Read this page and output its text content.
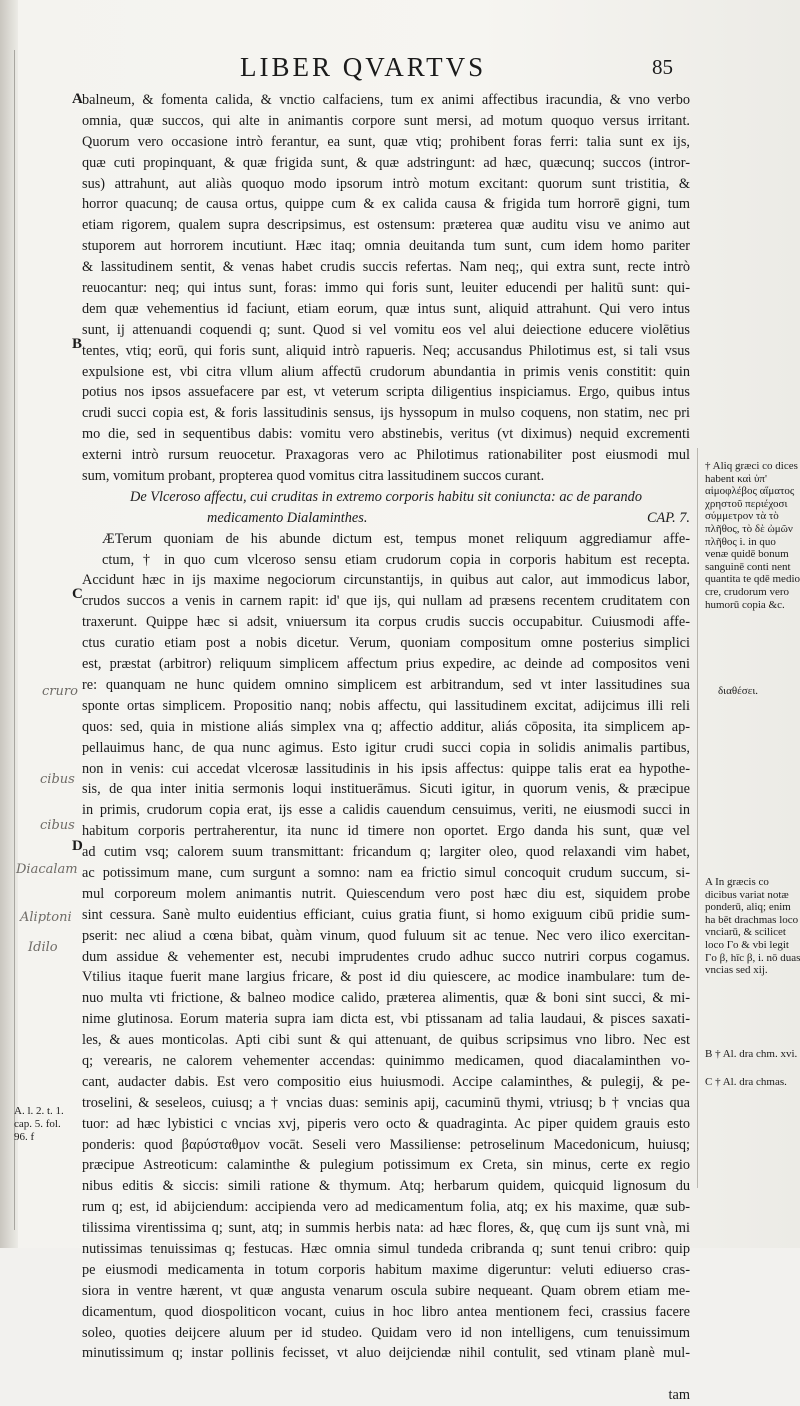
LIBER QVARTVS	85
A
B
C
D
balneum, & fomenta calida, & vnctio calfaciens, tum ex animi affectibus iracundia, & vno verbo
omnia, quæ succos, qui alte in animantis corpore sunt mersi, ad motum quoquo versus irritant.
Quorum vero occasione intrò ferantur, ea sunt, quæ vtiq; prohibent foras ferri: talia sunt ex ijs,
quæ cuti propinquant, & quæ frigida sunt, & quæ adstringunt: ad hæc, quæcunq; succos (intror-
sus) attrahunt, aut aliàs quoquo modo ipsorum intrò motum excitant: quorum sunt tristitia, &
horror quacunq; de causa ortus, quippe cum & ex calida causa & frigida tum horrorē gigni, tum
etiam rigorem, qualem supra descripsimus, est ostensum: præterea quæ auditu visu ve animo aut
stuporem aut horrorem incutiunt. Hæc itaq; omnia deuitanda tum sunt, cum idem homo pariter
& lassitudinem sentit, & venas habet crudis succis refertas. Nam neq;, qui extra sunt, recte intrò
reuocantur: neq; qui intus sunt, foras: immo qui foris sunt, leuiter educendi per halitū sunt: qui-
dem quæ vehementius id faciunt, etiam eorum, quæ intus sunt, aliquid attrahunt. Qui vero intus
sunt, ij attenuandi coquendi q; sunt. Quod si vel vomitu eos vel alui deiectione educere violētius
tentes, vtiq; eorū, qui foris sunt, aliquid intrò rapueris. Neq; accusandus Philotimus est, si tali vsus
expulsione est, vbi citra vllum alium affectū crudorum abundantia in primis venis constitit: quin
potius nos ipsos assuefacere par est, vt veterum scripta diligentius inspiciamus. Ergo, quibus intus
crudi succi copia est, & foris lassitudinis sensus, ijs hyssopum in mulso coquens, non statim, nec pri
mo die, sed in sequentibus dabis: vomitu vero abstinebis, veritus (vt diximus) nequid excrementi
externi intrò rursum reuocetur. Praxagoras vero ac Philotimus rationabiliter post eiusmodi mul
sum, vomitum probant, propterea quod vomitus citra lassitudinem succos curant.
De Vlceroso affectu, cui cruditas in extremo corporis habitu sit coniuncta: ac de parando
medicamento Dialaminthes.	CAP. 7.
ÆTerum quoniam de his abunde dictum est, tempus monet reliquum aggrediamur affe-
ctum, † in quo cum vlceroso sensu etiam crudorum copia in corporis habitum est recepta.
Accidunt hæc in ijs maxime negociorum circunstantijs, in quibus aut calor, aut immodicus labor,
crudos succos a venis in carnem rapit: id' que ijs, qui nullam ad præsens recentem cruditatem con
traxerunt. Quippe hæc si adsit, vniuersum ita corpus crudis succis occupabitur. Cuiusmodi affe-
ctus curatio etiam post a nobis dicetur. Verum, quoniam compositum omne posterius simplici
est, præstat (arbitror) reliquum simplicem affectum prius expedire, ac deinde ad compositos veni
re: quanquam ne hunc quidem omnino simplicem est arbitrandum, sed vt inter lassitudines sua
sponte ortas simplicem. Propositio nanq; nobis affectu, qui lassitudinem excitat, adijcimus illi reli
quos: sed, quia in mistione aliás simplex vna q; affectio additur, aliás cōposita, ita simplicem ap-
pellauimus hanc, de qua nunc agimus. Esto igitur crudi succi copia in solidis animalis partibus,
non in venis: cui accedat vlcerosæ lassitudinis in his ipsis affectus: quippe talis erat ea hypothe-
sis, de qua inter initia sermonis loqui instituerāmus. Sicuti igitur, in quorum venis, & præcipue
in primis, crudorum copia erat, ijs esse a calidis cauendum censuimus, veriti, ne eiusmodi succi in
habitum corporis pertraherentur, ita nunc id timere non oportet. Ergo danda his sunt, quæ vel
ad cutim vsq; calorem suum transmittant: fricandum q; largiter oleo, quod relaxandi vim habet,
ac potissimum mane, cum surgunt a somno: nam ea frictio simul concoquit crudum succum, si-
mul corporeum molem animantis nutrit. Quiescendum vero post hæc diu est, siquidem probe
sint cessura. Sanè multo euidentius efficiant, cuius gratia fiunt, si homo exiguum cibū pridie sum-
pserit: nec aliud a cœna bibat, quàm vinum, quod fuluum sit ac tenue. Nec vero ilico exercitan-
dum assidue & vehementer est, necubi imprudentes crudo adhuc succo nutriri corpus cogamus.
Vtilius itaque fuerit mane largius fricare, & post id diu quiescere, ac modice inambulare: tum de-
nuo multa vti frictione, & balneo modice calido, præterea alimentis, quæ & boni sint succi, & mi-
nime glutinosa. Eorum materia supra iam dicta est, vbi ptissanam ad talia laudaui, & pisces saxati-
les, & aues monticolas. Apti cibi sunt & qui attenuant, de quibus scripsimus vno libro. Nec est
q; verearis, ne calorem vehementer accendas: quinimmo medicamen, quod diacalaminthen vo-
cant, audacter dabis. Est vero compositio eius huiusmodi. Accipe calaminthes, & pulegij, & pe-
troselini, & seseleos, cuiusq; a † vncias duas: seminis apij, cacuminū thymi, vtriusq; b † vncias qua
tuor: ad hæc lybistici c vncias xvj, piperis vero octo & quadraginta. Ac piper quidem grauis esto
ponderis: quod βαρύσταθμον vocāt. Seseli vero Massiliense: petroselinum Macedonicum, huiusq;
præcipue Astreoticum: calaminthe & pulegium potissimum ex Creta, sin minus, certe ex regio
nibus editis & siccis: simili ratione & thymum. Atq; herbarum quidem, quicquid lignosum du
rum q; est, id abijciendum: accipienda vero ad medicamentum folia, atq; ex his maxime, quæ sub-
tilissima virentissima q; sunt, atq; in summis herbis nata: ad hæc flores, &, quę cum ijs sunt vnà, mi
nutissimas tenuissimas q; festucas. Hæc omnia simul tundeda cribranda q; sunt tenui cribro: quip
pe eiusmodi medicamenta in totum corporis habitum maxime digeruntur: veluti ediuerso cras-
siora in ventre hærent, vt quæ angusta venarum oscula subire nequeant. Quam obrem etiam me-
dicamentum, quod diospoliticon vocant, cuius in hoc libro antea mentionem feci, crassius facere
soleo, quoties deijcere aluum per id studeo. Quidam vero id non intelligens, cum tenuissimum
minutissimum q; instar pollinis fecisset, vt aluo deijciendæ nihil contulit, sed vtinam planè mul-
tam
† Aliq græci co dices habent καὶ ὑπ' αἱμοφλέβος αἵματος χρηστοῦ περιέχοσι σύμμετρον τὰ τὸ πλῆθος, τὸ δὲ ὠμῶν πλῆθος i. in quo venæ quidē bonum sanguinē conti nent quantita te qdē medio cre, crudorum vero humorū copia &c.
διαθέσει.
A In græcis co dicibus variat notæ ponderū, aliq; enim ha bēt drachmas loco vnciarū, & scilicet loco Γο & vbi legit Γο β, hīc β, i. nō duas vncias sed xij.
B † Al. dra chm. xvi.
C † Al. dra chmas.
A. l. 2. t. 1. cap. 5. fol. 96. f
cruro
cibus
cibus
Diacalam
Aliptoni
Idilo
